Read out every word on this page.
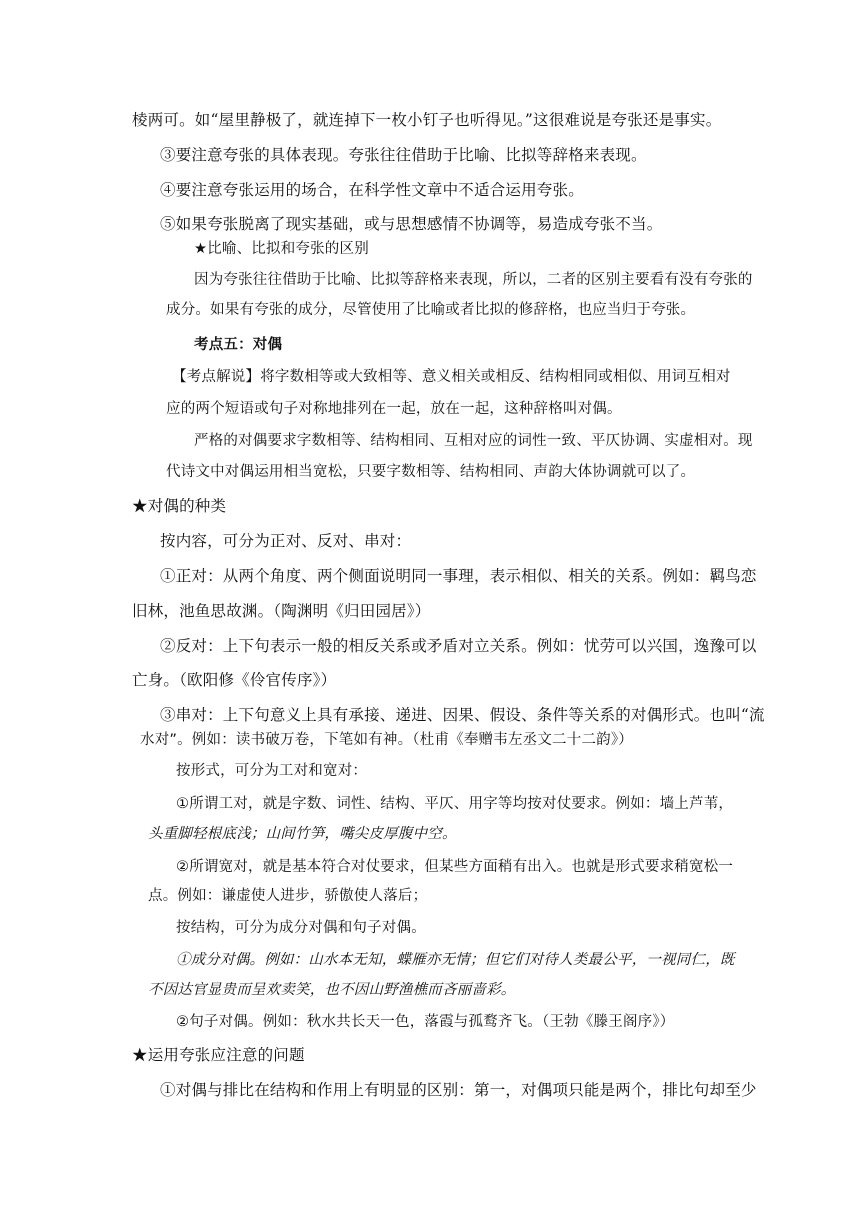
棱两可。如“屋里静极了，就连掉下一枚小钉子也听得见。”这很难说是夸张还是事实。
③要注意夸张的具体表现。夸张往往借助于比喻、比拟等辞格来表现。
④要注意夸张运用的场合，在科学性文章中不适合运用夸张。
⑤如果夸张脱离了现实基础，或与思想感情不协调等，易造成夸张不当。
★比喻、比拟和夸张的区别
因为夸张往往借助于比喻、比拟等辞格来表现，所以，二者的区别主要看有没有夸张的
成分。如果有夸张的成分，尽管使用了比喻或者比拟的修辞格，也应当归于夸张。
考点五：对偶
【考点解说】将字数相等或大致相等、意义相关或相反、结构相同或相似、用词互相对
应的两个短语或句子对称地排列在一起，放在一起，这种辞格叫对偶。
严格的对偶要求字数相等、结构相同、互相对应的词性一致、平仄协调、实虚相对。现
代诗文中对偶运用相当宽松，只要字数相等、结构相同、声韵大体协调就可以了。
★对偶的种类
按内容，可分为正对、反对、串对：
①正对：从两个角度、两个侧面说明同一事理，表示相似、相关的关系。例如：羁鸟恋
旧林，池鱼思故渊。（陶渊明《归田园居》）
②反对：上下句表示一般的相反关系或矛盾对立关系。例如：忧劳可以兴国，逸豫可以
亡身。（欧阳修《伶官传序》）
③串对：上下句意义上具有承接、递进、因果、假设、条件等关系的对偶形式。也叫“流
水对”。例如：读书破万卷，下笔如有神。（杜甫《奉赠韦左丞文二十二韵》）
按形式，可分为工对和宽对：
①所谓工对，就是字数、词性、结构、平仄、用字等均按对仗要求。例如：墙上芦苇，
头重脚轻根底浅；山间竹笋，嘴尖皮厚腹中空。
②所谓宽对，就是基本符合对仗要求，但某些方面稍有出入。也就是形式要求稍宽松一
点。例如：谦虚使人进步，骄傲使人落后；
按结构，可分为成分对偶和句子对偶。
①成分对偶。例如：山水本无知，蝶雁亦无情；但它们对待人类最公平，一视同仁，既
不因达官显贵而呈欢卖笑，也不因山野渔樵而吝丽啬彩。
②句子对偶。例如：秋水共长天一色，落霞与孤鹜齐飞。（王勃《滕王阁序》）
★运用夸张应注意的问题
①对偶与排比在结构和作用上有明显的区别：第一，对偶项只能是两个，排比句却至少
